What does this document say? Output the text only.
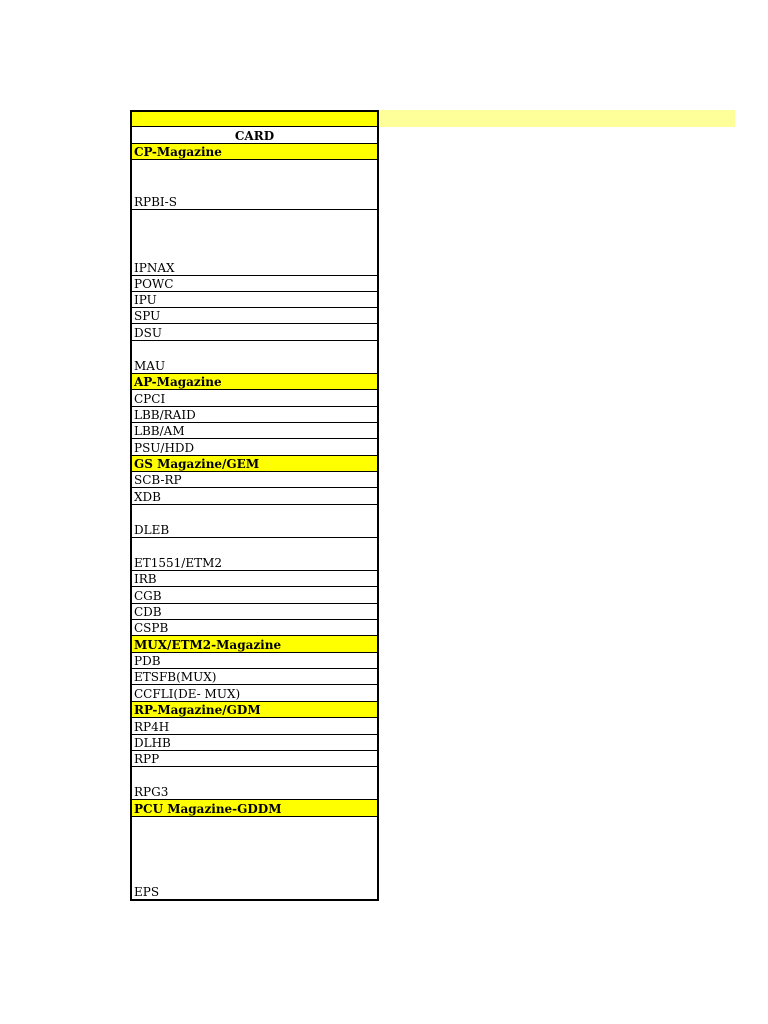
CARD
CP-Magazine
RPBI-S
IPNAX
POWC
IPU
SPU
DSU
MAU
AP-Magazine
CPCI
LBB/RAID
LBB/AM
PSU/HDD
GS Magazine/GEM
SCB-RP
XDB
DLEB
ET1551/ETM2
IRB
CGB
CDB
CSPB
MUX/ETM2-Magazine
PDB
ETSFB(MUX)
CCFLI(DE- MUX)
RP-Magazine/GDM
RP4H
DLHB
RPP
RPG3
PCU Magazine-GDDM
EPS
